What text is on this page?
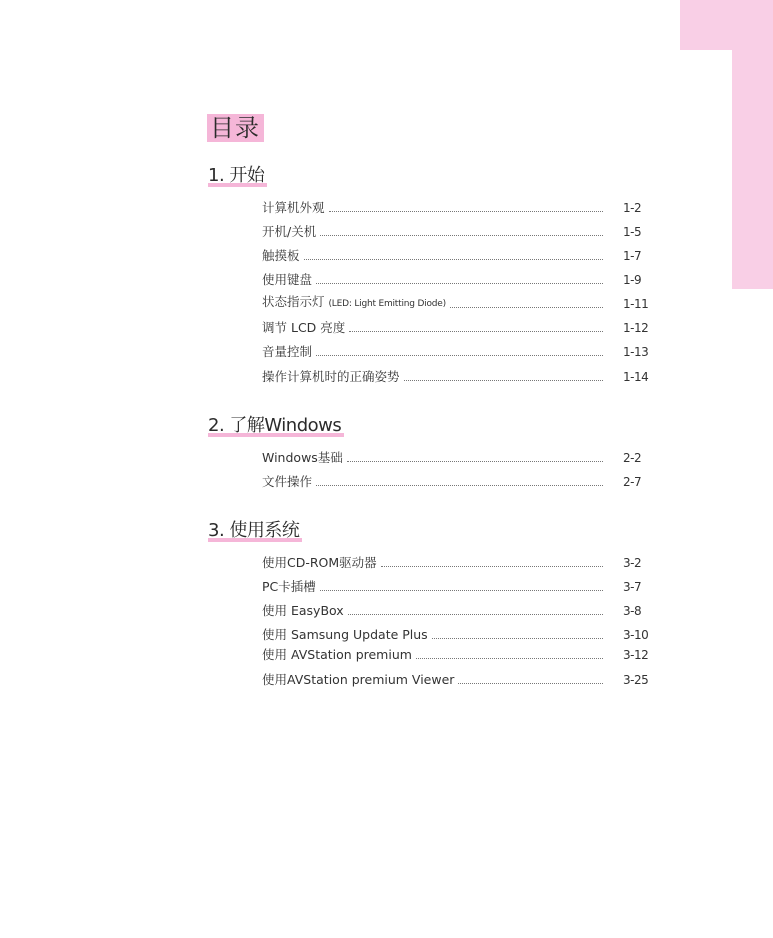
目录
1. 开始
计算机外观	1-2
开机/关机	1-5
触摸板	1-7
使用键盘	1-9
状态指示灯 (LED: Light Emitting Diode)	1-11
调节 LCD 亮度	1-12
音量控制	1-13
操作计算机时的正确姿势	1-14
2. 了解Windows
Windows基础	2-2
文件操作	2-7
3. 使用系统
使用CD-ROM驱动器	3-2
PC卡插槽	3-7
使用 EasyBox	3-8
使用 Samsung Update Plus	3-10
使用 AVStation premium	3-12
使用AVStation premium Viewer	3-25
